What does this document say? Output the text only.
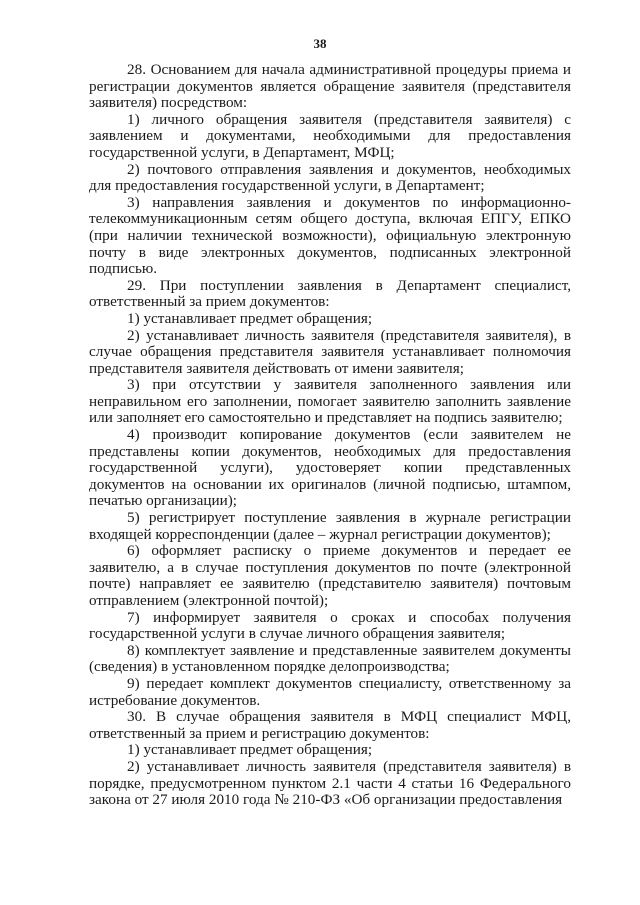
38

28. Основанием для начала административной процедуры приема и регистрации документов является обращение заявителя (представителя заявителя) посредством:

1) личного обращения заявителя (представителя заявителя) с заявлением и документами, необходимыми для предоставления государственной услуги, в Департамент, МФЦ;

2) почтового отправления заявления и документов, необходимых для предоставления государственной услуги, в Департамент;

3) направления заявления и документов по информационно-телекоммуникационным сетям общего доступа, включая ЕПГУ, ЕПКО (при наличии технической возможности), официальную электронную почту в виде электронных документов, подписанных электронной подписью.

29. При поступлении заявления в Департамент специалист, ответственный за прием документов:

1) устанавливает предмет обращения;

2) устанавливает личность заявителя (представителя заявителя), в случае обращения представителя заявителя устанавливает полномочия представителя заявителя действовать от имени заявителя;

3) при отсутствии у заявителя заполненного заявления или неправильном его заполнении, помогает заявителю заполнить заявление или заполняет его самостоятельно и представляет на подпись заявителю;

4) производит копирование документов (если заявителем не представлены копии документов, необходимых для предоставления государственной услуги), удостоверяет копии представленных документов на основании их оригиналов (личной подписью, штампом, печатью организации);

5) регистрирует поступление заявления в журнале регистрации входящей корреспонденции (далее – журнал регистрации документов);

6) оформляет расписку о приеме документов и передает ее заявителю, а в случае поступления документов по почте (электронной почте) направляет ее заявителю (представителю заявителя) почтовым отправлением (электронной почтой);

7) информирует заявителя о сроках и способах получения государственной услуги в случае личного обращения заявителя;

8) комплектует заявление и представленные заявителем документы (сведения) в установленном порядке делопроизводства;

9) передает комплект документов специалисту, ответственному за истребование документов.

30. В случае обращения заявителя в МФЦ специалист МФЦ, ответственный за прием и регистрацию документов:

1) устанавливает предмет обращения;

2) устанавливает личность заявителя (представителя заявителя) в порядке, предусмотренном пунктом 2.1 части 4 статьи 16 Федерального закона от 27 июля 2010 года № 210-ФЗ «Об организации предоставления
